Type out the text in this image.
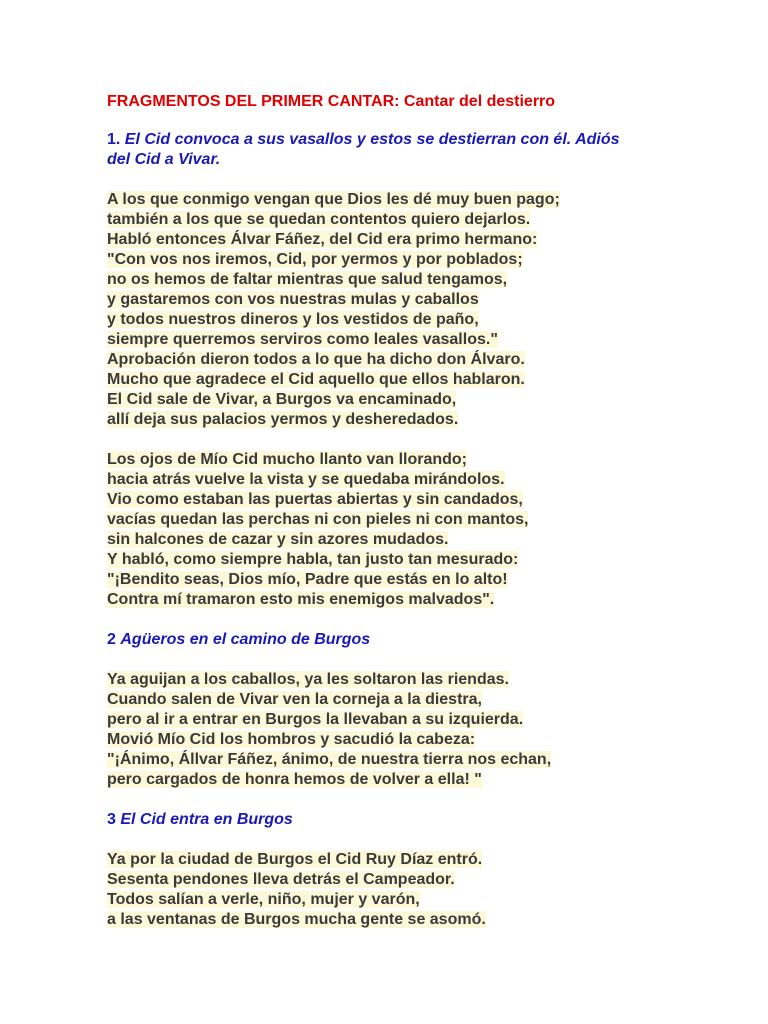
FRAGMENTOS DEL PRIMER CANTAR: Cantar del destierro

1. El Cid convoca a sus vasallos y estos se destierran con él. Adiós
del Cid a Vivar.

A los que conmigo vengan que Dios les dé muy buen pago;
también a los que se quedan contentos quiero dejarlos.
Habló entonces Álvar Fáñez, del Cid era primo hermano:
"Con vos nos iremos, Cid, por yermos y por poblados;
no os hemos de faltar mientras que salud tengamos,
y gastaremos con vos nuestras mulas y caballos
y todos nuestros dineros y los vestidos de paño,
siempre querremos serviros como leales vasallos."
Aprobación dieron todos a lo que ha dicho don Álvaro.
Mucho que agradece el Cid aquello que ellos hablaron.
El Cid sale de Vivar, a Burgos va encaminado,
allí deja sus palacios yermos y desheredados.
Los ojos de Mío Cid mucho llanto van llorando;
hacia atrás vuelve la vista y se quedaba mirándolos.
Vio como estaban las puertas abiertas y sin candados,
vacías quedan las perchas ni con pieles ni con mantos,
sin halcones de cazar y sin azores mudados.
Y habló, como siempre habla, tan justo tan mesurado:
"¡Bendito seas, Dios mío, Padre que estás en lo alto!
Contra mí tramaron esto mis enemigos malvados".

2 Agüeros en el camino de Burgos

Ya aguijan a los caballos, ya les soltaron las riendas.
Cuando salen de Vivar ven la corneja a la diestra,
pero al ir a entrar en Burgos la llevaban a su izquierda.
Movió Mío Cid los hombros y sacudió la cabeza:
"¡Ánimo, Állvar Fáñez, ánimo, de nuestra tierra nos echan,
pero cargados de honra hemos de volver a ella! "

3 El Cid entra en Burgos

Ya por la ciudad de Burgos el Cid Ruy Díaz entró.
Sesenta pendones lleva detrás el Campeador.
Todos salían a verle, niño, mujer y varón,
a las ventanas de Burgos mucha gente se asomó.
